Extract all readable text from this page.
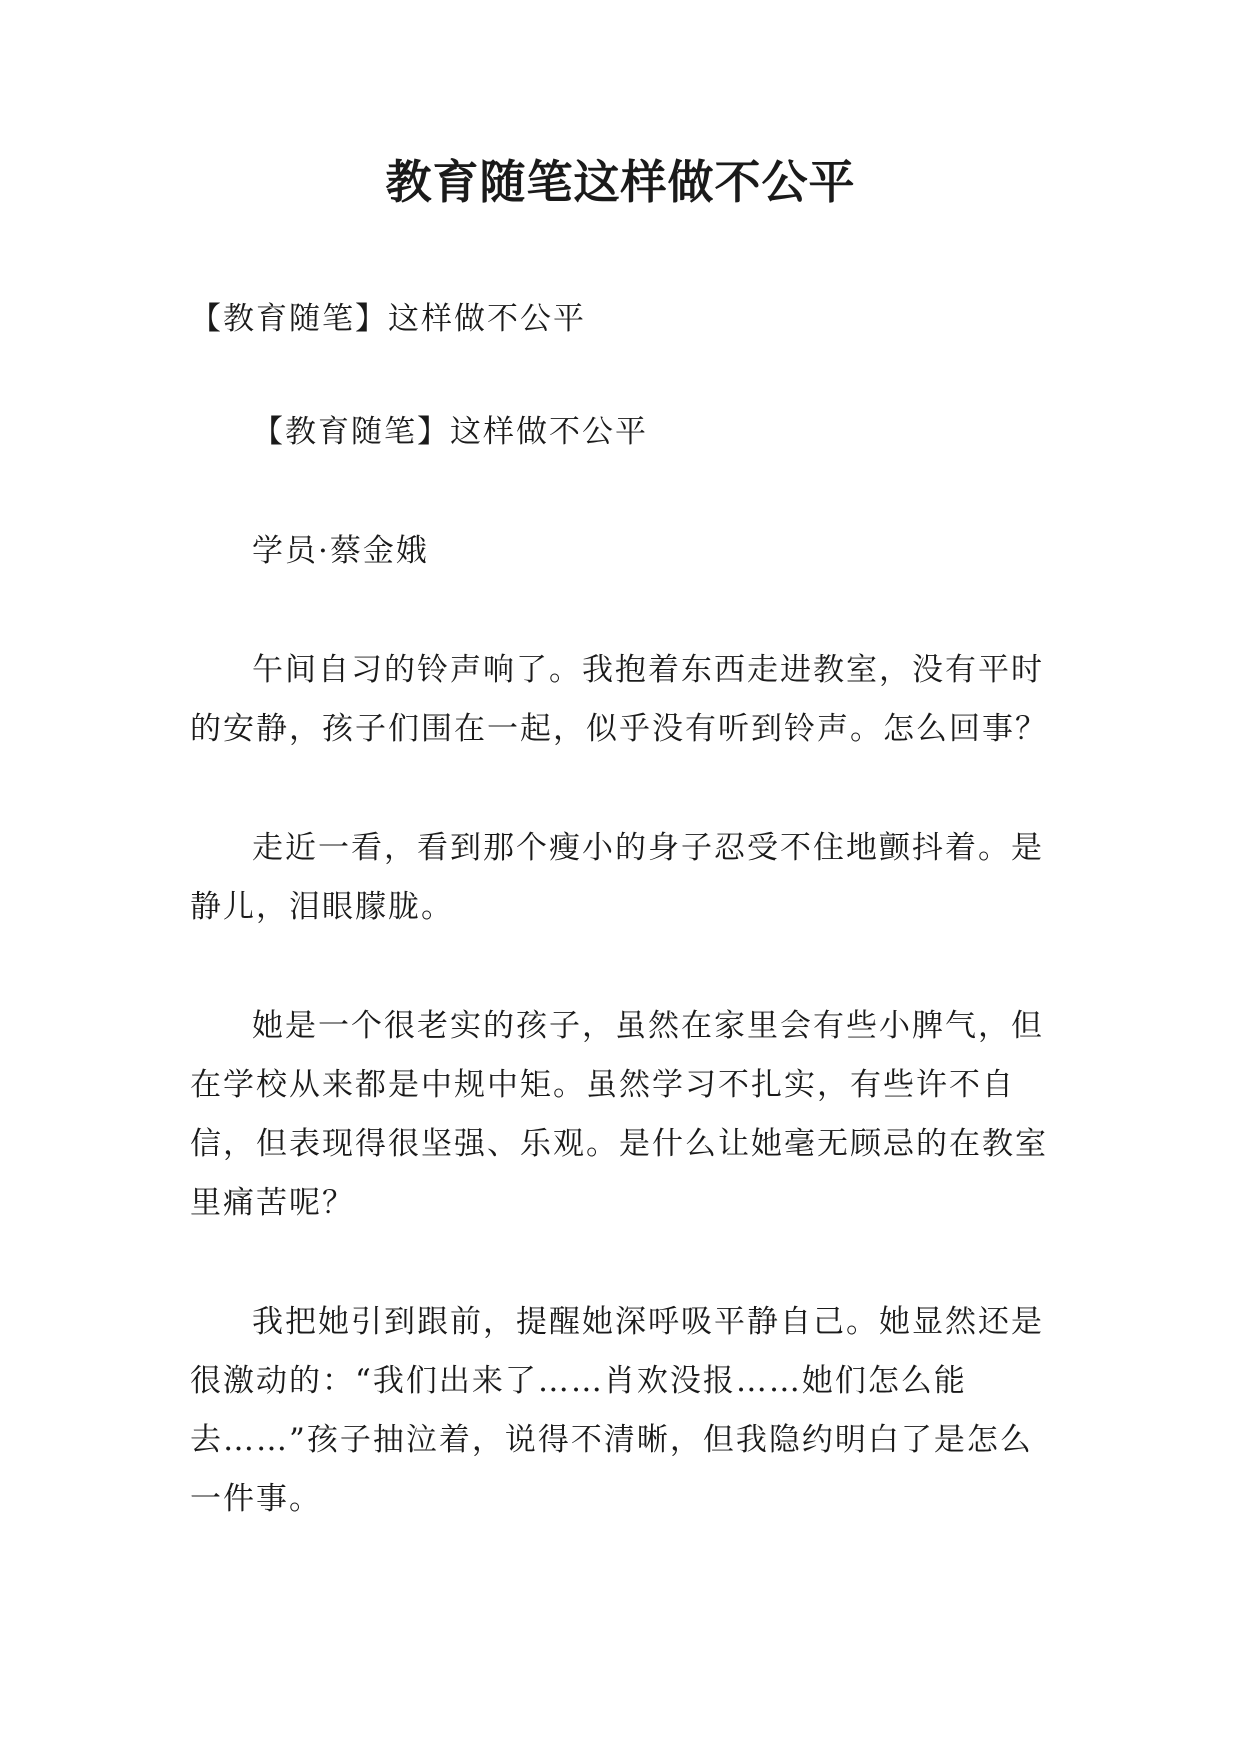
教育随笔这样做不公平

【教育随笔】这样做不公平

【教育随笔】这样做不公平

学员·蔡金娥

午间自习的铃声响了。我抱着东西走进教室，没有平时的安静，孩子们围在一起，似乎没有听到铃声。怎么回事？

走近一看，看到那个瘦小的身子忍受不住地颤抖着。是静儿，泪眼朦胧。

她是一个很老实的孩子，虽然在家里会有些小脾气，但在学校从来都是中规中矩。虽然学习不扎实，有些许不自信，但表现得很坚强、乐观。是什么让她毫无顾忌的在教室里痛苦呢？

我把她引到跟前，提醒她深呼吸平静自己。她显然还是很激动的：“我们出来了……肖欢没报……她们怎么能去……”孩子抽泣着，说得不清晰，但我隐约明白了是怎么一件事。
